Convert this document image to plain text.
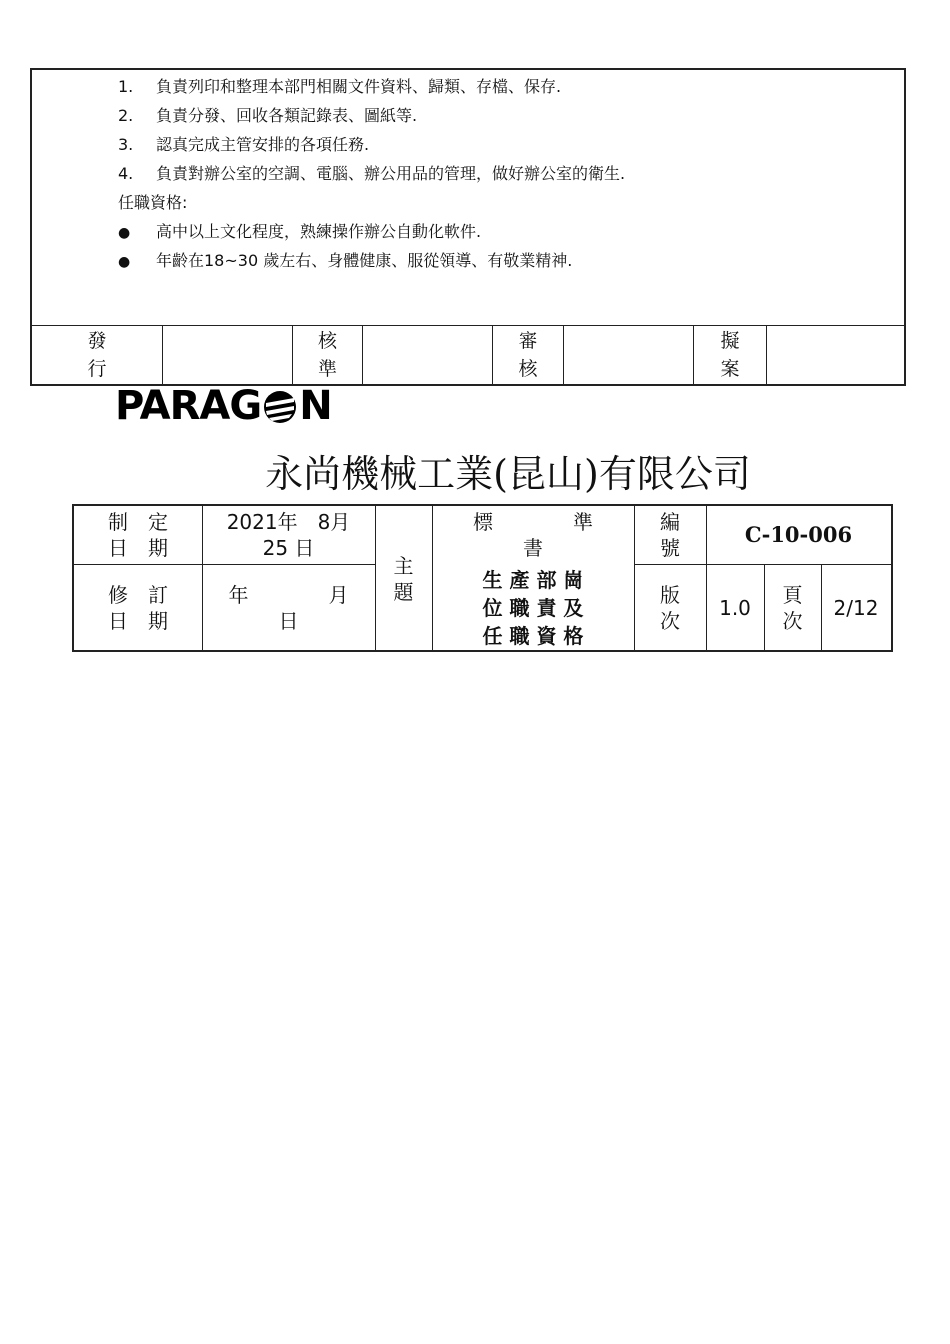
1. 負責列印和整理本部門相關文件資料、歸類、存檔、保存.
2. 負責分發、回收各類記錄表、圖紙等.
3. 認真完成主管安排的各項任務.
4. 負責對辦公室的空調、電腦、辦公用品的管理，做好辦公室的衛生.
任職資格:
● 高中以上文化程度，熟練操作辦公自動化軟件.
● 年齡在18~30 歲左右、身體健康、服從領導、有敬業精神.
發
行
核
準
審
核
擬
案
PARAG N
永尚機械工業(昆山)有限公司
制　定
日　期
2021年　8月
25 日
主
題
標　　　　準
書
編
號
C-10-006
修　訂
日　期
年　　　　月
日
生 產 部 崗
位 職 責 及
任 職 資 格
版
次
1.0
頁
次
2/12
